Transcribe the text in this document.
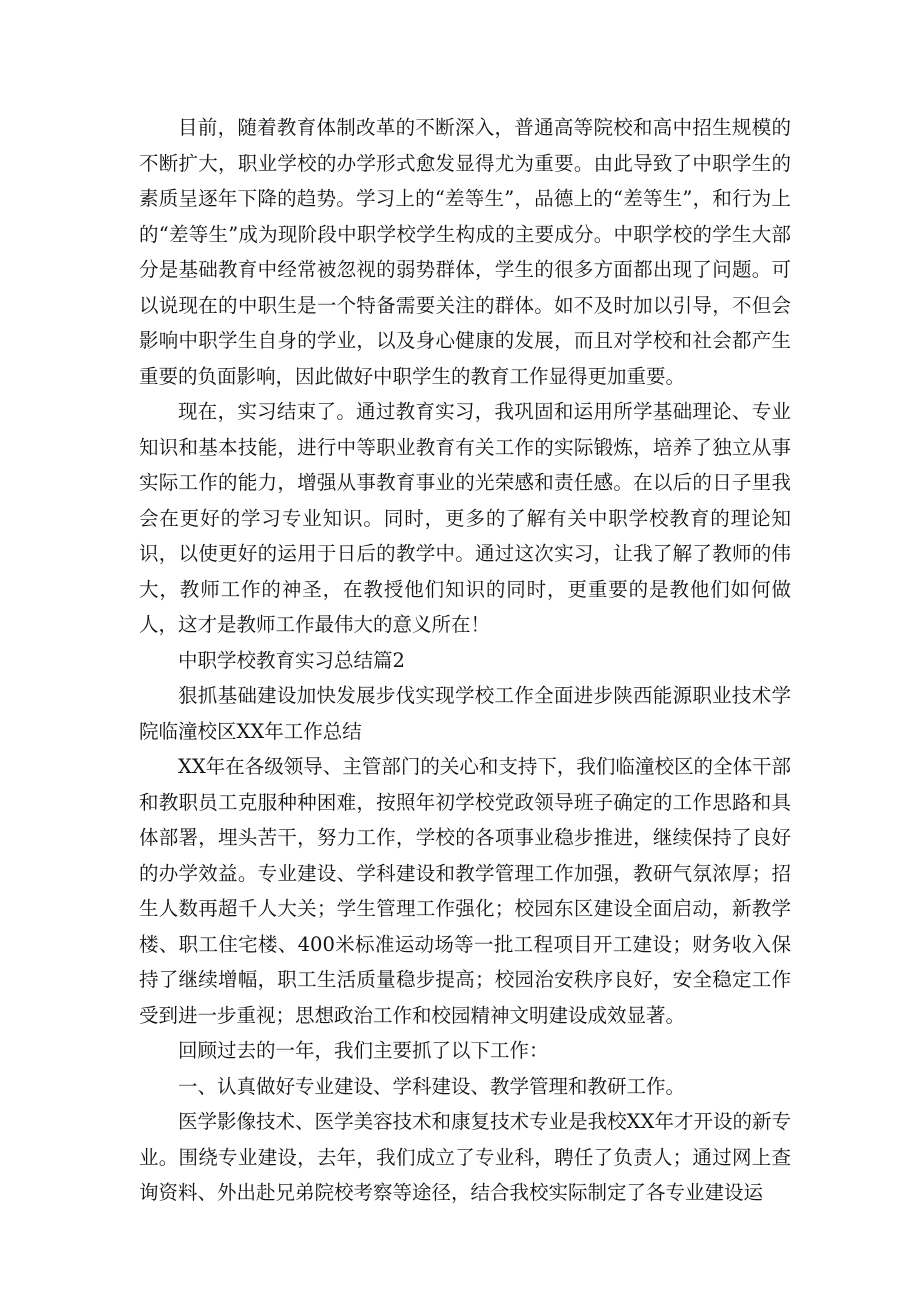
目前，随着教育体制改革的不断深入，普通高等院校和高中招生规模的不断扩大，职业学校的办学形式愈发显得尤为重要。由此导致了中职学生的素质呈逐年下降的趋势。学习上的“差等生”，品德上的“差等生”，和行为上的“差等生”成为现阶段中职学校学生构成的主要成分。中职学校的学生大部分是基础教育中经常被忽视的弱势群体，学生的很多方面都出现了问题。可以说现在的中职生是一个特备需要关注的群体。如不及时加以引导，不但会影响中职学生自身的学业，以及身心健康的发展，而且对学校和社会都产生重要的负面影响，因此做好中职学生的教育工作显得更加重要。

现在，实习结束了。通过教育实习，我巩固和运用所学基础理论、专业知识和基本技能，进行中等职业教育有关工作的实际锻炼，培养了独立从事实际工作的能力，增强从事教育事业的光荣感和责任感。在以后的日子里我会在更好的学习专业知识。同时，更多的了解有关中职学校教育的理论知识，以使更好的运用于日后的教学中。通过这次实习，让我了解了教师的伟大，教师工作的神圣，在教授他们知识的同时，更重要的是教他们如何做人，这才是教师工作最伟大的意义所在！

中职学校教育实习总结篇2

狠抓基础建设加快发展步伐实现学校工作全面进步陕西能源职业技术学院临潼校区XX年工作总结

XX年在各级领导、主管部门的关心和支持下，我们临潼校区的全体干部和教职员工克服种种困难，按照年初学校党政领导班子确定的工作思路和具体部署，埋头苦干，努力工作，学校的各项事业稳步推进，继续保持了良好的办学效益。专业建设、学科建设和教学管理工作加强，教研气氛浓厚；招生人数再超千人大关；学生管理工作强化；校园东区建设全面启动，新教学楼、职工住宅楼、400米标准运动场等一批工程项目开工建设；财务收入保持了继续增幅，职工生活质量稳步提高；校园治安秩序良好，安全稳定工作受到进一步重视；思想政治工作和校园精神文明建设成效显著。

回顾过去的一年，我们主要抓了以下工作：

一、认真做好专业建设、学科建设、教学管理和教研工作。

医学影像技术、医学美容技术和康复技术专业是我校XX年才开设的新专业。围绕专业建设，去年，我们成立了专业科，聘任了负责人；通过网上查询资料、外出赴兄弟院校考察等途径，结合我校实际制定了各专业建设运
